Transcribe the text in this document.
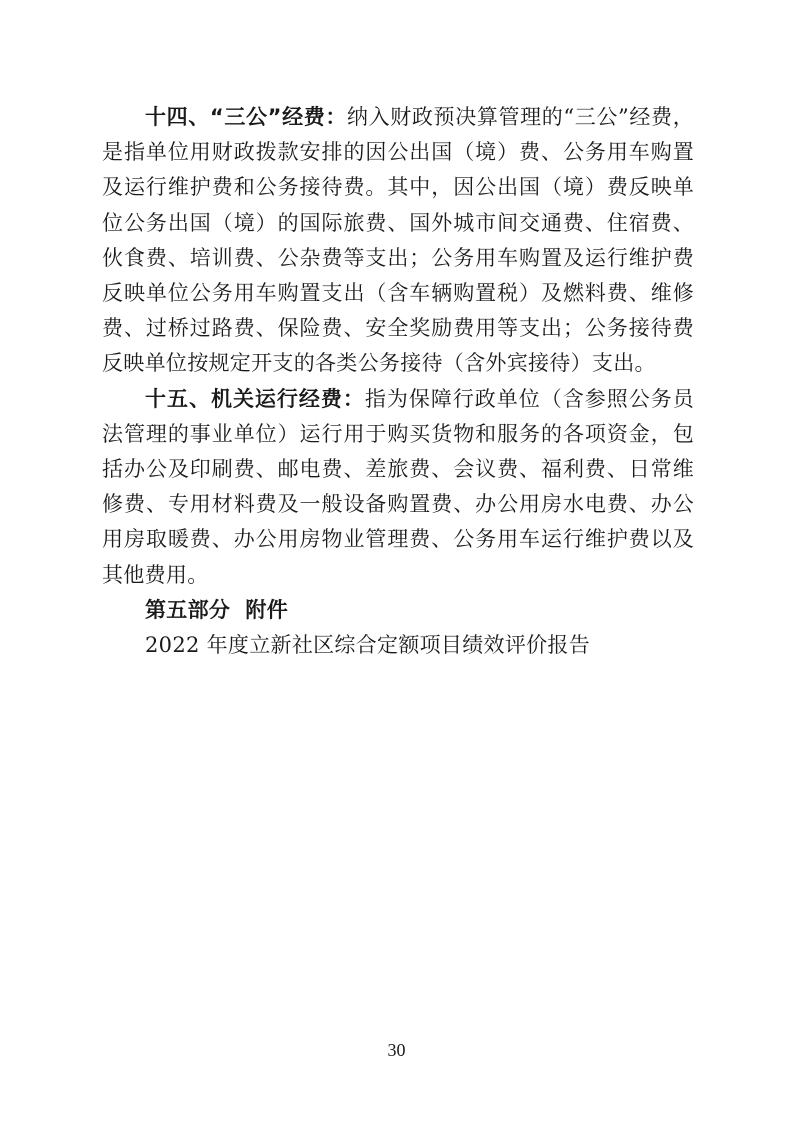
十四、“三公”经费：纳入财政预决算管理的“三公”经费，是指单位用财政拨款安排的因公出国（境）费、公务用车购置及运行维护费和公务接待费。其中，因公出国（境）费反映单位公务出国（境）的国际旅费、国外城市间交通费、住宿费、伙食费、培训费、公杂费等支出；公务用车购置及运行维护费反映单位公务用车购置支出（含车辆购置税）及燃料费、维修费、过桥过路费、保险费、安全奖励费用等支出；公务接待费反映单位按规定开支的各类公务接待（含外宾接待）支出。

十五、机关运行经费：指为保障行政单位（含参照公务员法管理的事业单位）运行用于购买货物和服务的各项资金，包括办公及印刷费、邮电费、差旅费、会议费、福利费、日常维修费、专用材料费及一般设备购置费、办公用房水电费、办公用房取暖费、办公用房物业管理费、公务用车运行维护费以及其他费用。

第五部分  附件

2022 年度立新社区综合定额项目绩效评价报告

30
